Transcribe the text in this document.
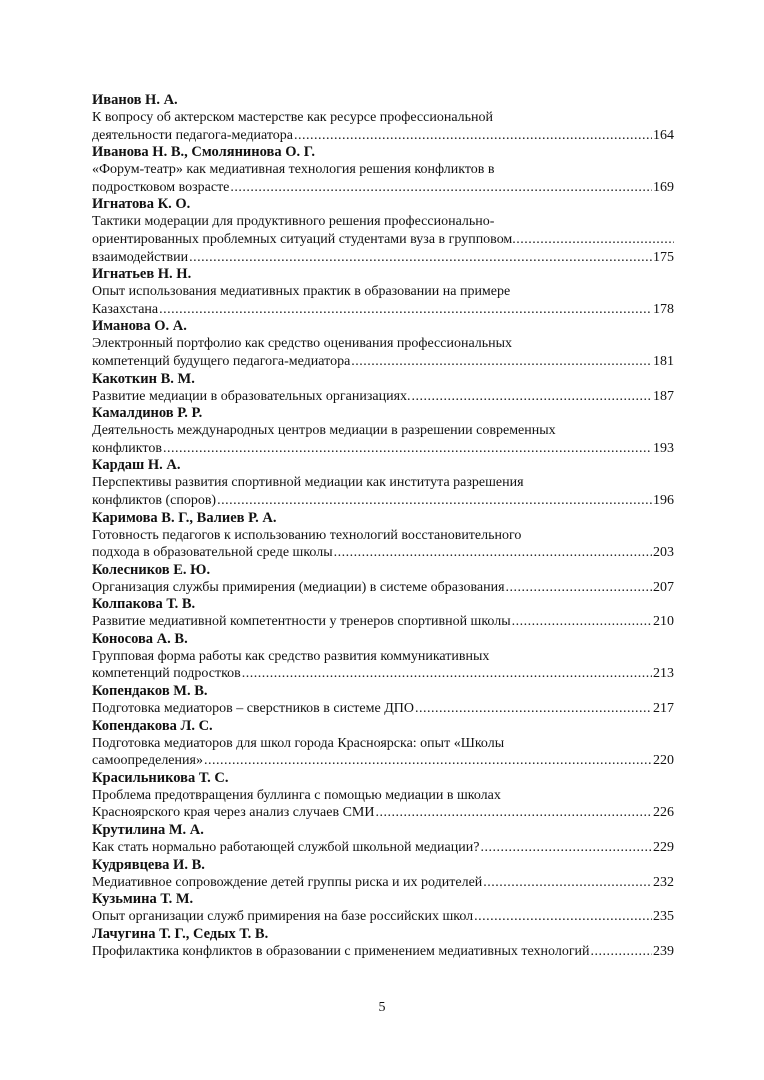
Иванов Н. А.
К вопросу об актерском мастерстве как ресурсе профессиональной
деятельности педагога-медиатора .....	164
Иванова Н. В., Смолянинова О. Г.
«Форум-театр» как медиативная технология решения конфликтов в
подростковом возрасте .....	169
Игнатова К. О.
Тактики модерации для продуктивного решения профессионально-
ориентированных проблемных ситуаций студентами вуза в групповом .....
взаимодействии .....	175
Игнатьев Н. Н.
Опыт использования медиативных практик в образовании на примере
Казахстана .....	178
Иманова О. А.
Электронный портфолио как средство оценивания профессиональных
компетенций будущего педагога-медиатора .....	181
Какоткин В. М.
Развитие медиации в образовательных организациях. .....	187
Камалдинов Р. Р.
Деятельность международных центров медиации в разрешении современных
конфликтов .....	193
Кардаш Н. А.
Перспективы развития спортивной медиации как института разрешения
конфликтов (споров) .....	196
Каримова В. Г., Валиев Р. А.
Готовность педагогов к использованию технологий восстановительного
подхода в образовательной среде школы .....	203
Колесников Е. Ю.
Организация службы примирения (медиации) в системе образования .....	207
Колпакова Т. В.
Развитие медиативной компетентности у тренеров спортивной школы .....	210
Коносова А. В.
Групповая форма работы как средство развития коммуникативных
компетенций подростков .....	213
Копендаков М. В.
Подготовка медиаторов – сверстников в системе ДПО .....	217
Копендакова Л. С.
Подготовка медиаторов для школ города Красноярска: опыт «Школы
самоопределения» .....	220
Красильникова Т. С.
Проблема предотвращения буллинга с помощью медиации в школах
Красноярского края через анализ случаев СМИ .....	226
Крутилина М. А.
Как стать нормально работающей службой школьной медиации? .....	229
Кудрявцева И. В.
Медиативное сопровождение детей группы риска и их родителей .....	232
Кузьмина Т. М.
Опыт организации служб примирения на базе российских школ .....	235
Лачугина Т. Г., Седых Т. В.
Профилактика конфликтов в образовании с применением медиативных технологий .....	239
5
